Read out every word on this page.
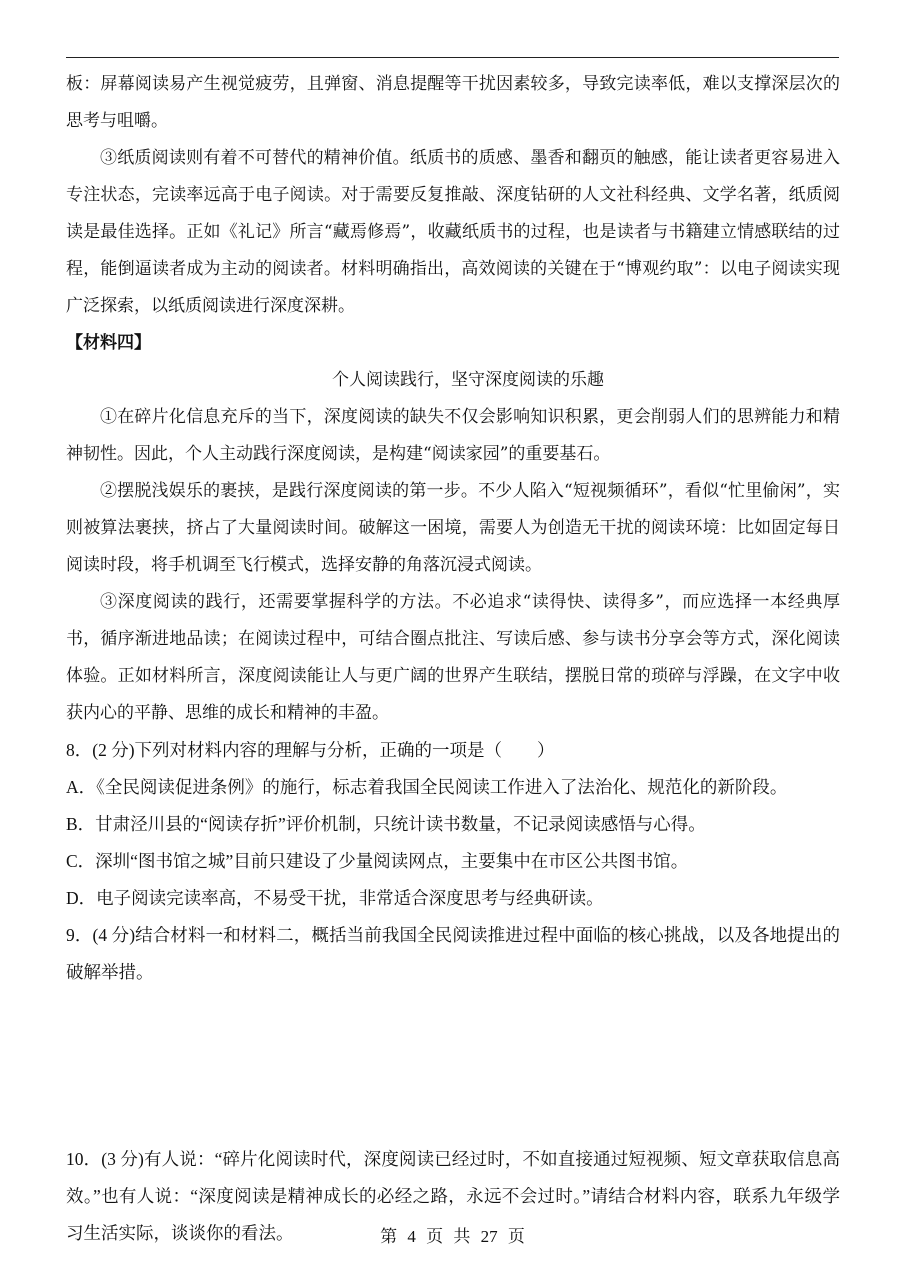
板：屏幕阅读易产生视觉疲劳，且弹窗、消息提醒等干扰因素较多，导致完读率低，难以支撑深层次的思考与咀嚼。

③纸质阅读则有着不可替代的精神价值。纸质书的质感、墨香和翻页的触感，能让读者更容易进入专注状态，完读率远高于电子阅读。对于需要反复推敲、深度钻研的人文社科经典、文学名著，纸质阅读是最佳选择。正如《礼记》所言“藏焉修焉”，收藏纸质书的过程，也是读者与书籍建立情感联结的过程，能倒逼读者成为主动的阅读者。材料明确指出，高效阅读的关键在于“博观约取”：以电子阅读实现广泛探索，以纸质阅读进行深度深耕。

【材料四】

个人阅读践行，坚守深度阅读的乐趣

①在碎片化信息充斥的当下，深度阅读的缺失不仅会影响知识积累，更会削弱人们的思辨能力和精神韧性。因此，个人主动践行深度阅读，是构建“阅读家园”的重要基石。

②摆脱浅娱乐的裹挟，是践行深度阅读的第一步。不少人陷入“短视频循环”，看似“忙里偷闲”，实则被算法裹挟，挤占了大量阅读时间。破解这一困境，需要人为创造无干扰的阅读环境：比如固定每日阅读时段，将手机调至飞行模式，选择安静的角落沉浸式阅读。

③深度阅读的践行，还需要掌握科学的方法。不必追求“读得快、读得多”，而应选择一本经典厚书，循序渐进地品读；在阅读过程中，可结合圈点批注、写读后感、参与读书分享会等方式，深化阅读体验。正如材料所言，深度阅读能让人与更广阔的世界产生联结，摆脱日常的琐碎与浮躁，在文字中收获内心的平静、思维的成长和精神的丰盈。

8．(2 分)下列对材料内容的理解与分析，正确的一项是（　　）

A．《全民阅读促进条例》的施行，标志着我国全民阅读工作进入了法治化、规范化的新阶段。

B．甘肃泾川县的“阅读存折”评价机制，只统计读书数量，不记录阅读感悟与心得。

C．深圳“图书馆之城”目前只建设了少量阅读网点，主要集中在市区公共图书馆。

D．电子阅读完读率高，不易受干扰，非常适合深度思考与经典研读。

9．(4 分)结合材料一和材料二，概括当前我国全民阅读推进过程中面临的核心挑战，以及各地提出的破解举措。

10．(3 分)有人说：“碎片化阅读时代，深度阅读已经过时，不如直接通过短视频、短文章获取信息高效。”也有人说：“深度阅读是精神成长的必经之路，永远不会过时。”请结合材料内容，联系九年级学习生活实际，谈谈你的看法。	第 4 页 共 27 页
